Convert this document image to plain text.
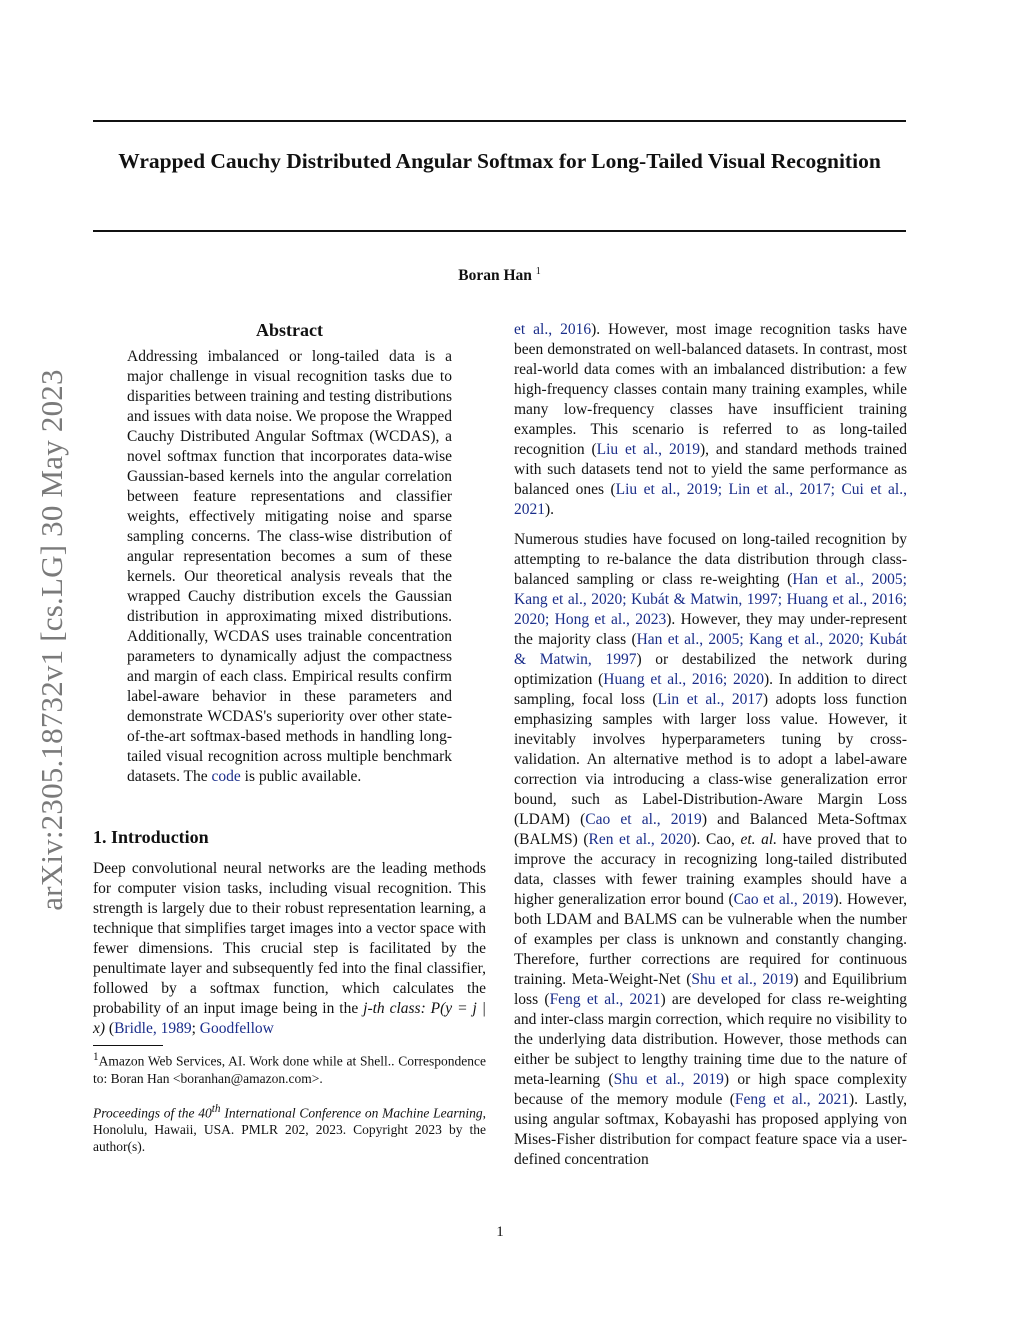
Wrapped Cauchy Distributed Angular Softmax for Long-Tailed Visual Recognition
Boran Han $^1$
arXiv:2305.18732v1 [cs.LG] 30 May 2023
Abstract
Addressing imbalanced or long-tailed data is a major challenge in visual recognition tasks due to disparities between training and testing distributions and issues with data noise. We propose the Wrapped Cauchy Distributed Angular Softmax (WCDAS), a novel softmax function that incorporates data-wise Gaussian-based kernels into the angular correlation between feature representations and classifier weights, effectively mitigating noise and sparse sampling concerns. The class-wise distribution of angular representation becomes a sum of these kernels. Our theoretical analysis reveals that the wrapped Cauchy distribution excels the Gaussian distribution in approximating mixed distributions. Additionally, WCDAS uses trainable concentration parameters to dynamically adjust the compactness and margin of each class. Empirical results confirm label-aware behavior in these parameters and demonstrate WCDAS's superiority over other state-of-the-art softmax-based methods in handling long-tailed visual recognition across multiple benchmark datasets. The code is public available.
1. Introduction
Deep convolutional neural networks are the leading methods for computer vision tasks, including visual recognition. This strength is largely due to their robust representation learning, a technique that simplifies target images into a vector space with fewer dimensions. This crucial step is facilitated by the penultimate layer and subsequently fed into the final classifier, followed by a softmax function, which calculates the probability of an input image being in the j-th class: P(y = j | x) (Bridle, 1989; Goodfellow
$^1$Amazon Web Services, AI. Work done while at Shell.. Correspondence to: Boran Han <boranhan@amazon.com>.
Proceedings of the 40th International Conference on Machine Learning, Honolulu, Hawaii, USA. PMLR 202, 2023. Copyright 2023 by the author(s).
et al., 2016). However, most image recognition tasks have been demonstrated on well-balanced datasets. In contrast, most real-world data comes with an imbalanced distribution: a few high-frequency classes contain many training examples, while many low-frequency classes have insufficient training examples. This scenario is referred to as long-tailed recognition (Liu et al., 2019), and standard methods trained with such datasets tend not to yield the same performance as balanced ones (Liu et al., 2019; Lin et al., 2017; Cui et al., 2021).
Numerous studies have focused on long-tailed recognition by attempting to re-balance the data distribution through class-balanced sampling or class re-weighting (Han et al., 2005; Kang et al., 2020; Kubát & Matwin, 1997; Huang et al., 2016; 2020; Hong et al., 2023). However, they may under-represent the majority class (Han et al., 2005; Kang et al., 2020; Kubát & Matwin, 1997) or destabilized the network during optimization (Huang et al., 2016; 2020). In addition to direct sampling, focal loss (Lin et al., 2017) adopts loss function emphasizing samples with larger loss value. However, it inevitably involves hyperparameters tuning by cross-validation. An alternative method is to adopt a label-aware correction via introducing a class-wise generalization error bound, such as Label-Distribution-Aware Margin Loss (LDAM) (Cao et al., 2019) and Balanced Meta-Softmax (BALMS) (Ren et al., 2020). Cao, et. al. have proved that to improve the accuracy in recognizing long-tailed distributed data, classes with fewer training examples should have a higher generalization error bound (Cao et al., 2019). However, both LDAM and BALMS can be vulnerable when the number of examples per class is unknown and constantly changing. Therefore, further corrections are required for continuous training. Meta-Weight-Net (Shu et al., 2019) and Equilibrium loss (Feng et al., 2021) are developed for class re-weighting and inter-class margin correction, which require no visibility to the underlying data distribution. However, those methods can either be subject to lengthy training time due to the nature of meta-learning (Shu et al., 2019) or high space complexity because of the memory module (Feng et al., 2021). Lastly, using angular softmax, Kobayashi has proposed applying von Mises-Fisher distribution for compact feature space via a user-defined concentration
1
